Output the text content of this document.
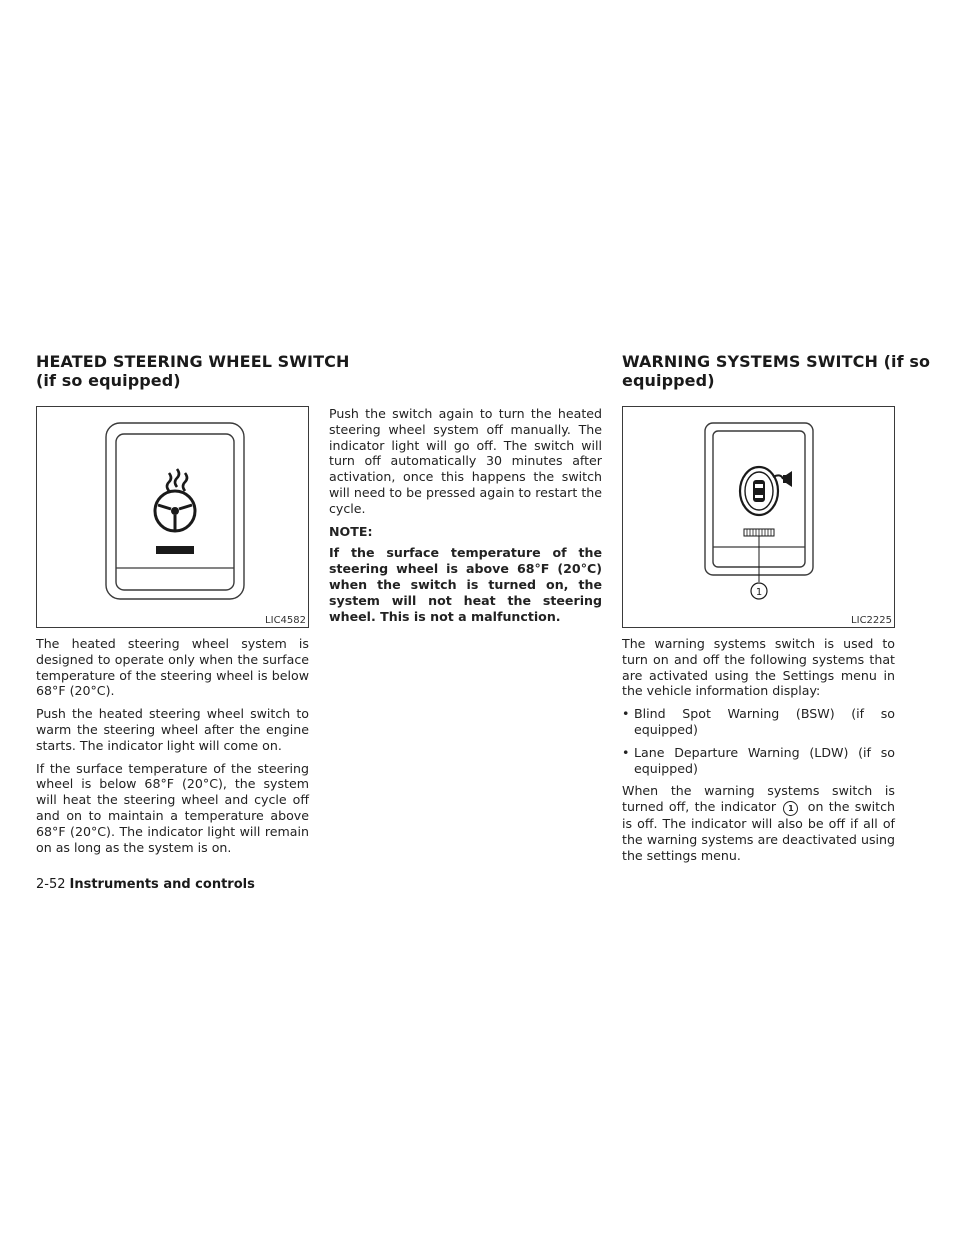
HEATED STEERING WHEEL SWITCH
(if so equipped)
LIC4582

The heated steering wheel system is designed to operate only when the surface temperature of the steering wheel is below 68°F (20°C).

Push the heated steering wheel switch to warm the steering wheel after the engine starts. The indicator light will come on.

If the surface temperature of the steering wheel is below 68°F (20°C), the system will heat the steering wheel and cycle off and on to maintain a temperature above 68°F (20°C). The indicator light will remain on as long as the system is on.

Push the switch again to turn the heated steering wheel system off manually. The indicator light will go off. The switch will turn off automatically 30 minutes after activation, once this happens the switch will need to be pressed again to restart the cycle.

NOTE:

If the surface temperature of the steering wheel is above 68°F (20°C) when the switch is turned on, the system will not heat the steering wheel. This is not a malfunction.

WARNING SYSTEMS SWITCH (if so
equipped)
1
LIC2225

The warning systems switch is used to turn on and off the following systems that are activated using the Settings menu in the vehicle information display:

• Blind Spot Warning (BSW) (if so equipped)

• Lane Departure Warning (LDW) (if so equipped)

When the warning systems switch is turned off, the indicator 1 on the switch is off. The indicator will also be off if all of the warning systems are deactivated using the settings menu.

2-52 Instruments and controls
